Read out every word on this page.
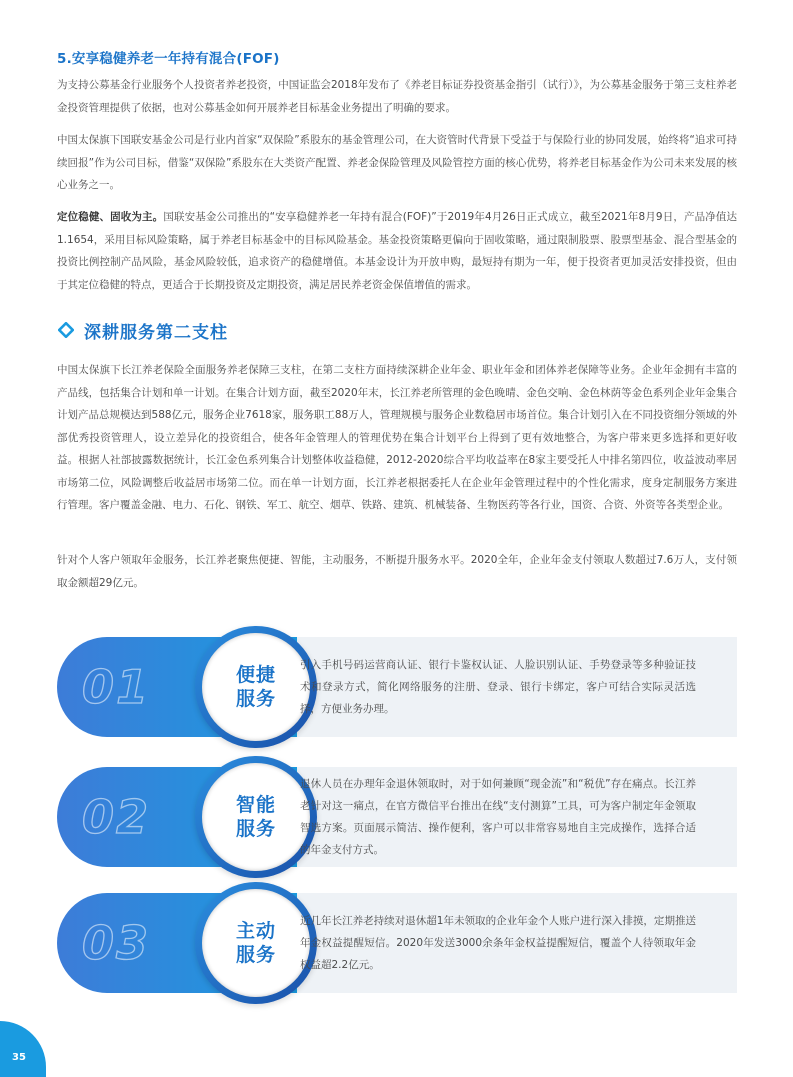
5.安享稳健养老一年持有混合(FOF)

为支持公募基金行业服务个人投资者养老投资，中国证监会2018年发布了《养老目标证券投资基金指引（试行）》，为公募基金服务于第三支柱养老金投资管理提供了依据，也对公募基金如何开展养老目标基金业务提出了明确的要求。

中国太保旗下国联安基金公司是行业内首家“双保险”系股东的基金管理公司，在大资管时代背景下受益于与保险行业的协同发展，始终将“追求可持续回报”作为公司目标，借鉴“双保险”系股东在大类资产配置、养老金保险管理及风险管控方面的核心优势，将养老目标基金作为公司未来发展的核心业务之一。

定位稳健、固收为主。国联安基金公司推出的“安享稳健养老一年持有混合(FOF)”于2019年4月26日正式成立，截至2021年8月9日，产品净值达1.1654，采用目标风险策略，属于养老目标基金中的目标风险基金。基金投资策略更偏向于固收策略，通过限制股票、股票型基金、混合型基金的投资比例控制产品风险，基金风险较低，追求资产的稳健增值。本基金设计为开放申购，最短持有期为一年，便于投资者更加灵活安排投资，但由于其定位稳健的特点，更适合于长期投资及定期投资，满足居民养老资金保值增值的需求。

深耕服务第二支柱

中国太保旗下长江养老保险全面服务养老保障三支柱，在第二支柱方面持续深耕企业年金、职业年金和团体养老保障等业务。企业年金拥有丰富的产品线，包括集合计划和单一计划。在集合计划方面，截至2020年末，长江养老所管理的金色晚晴、金色交响、金色林荫等金色系列企业年金集合计划产品总规模达到588亿元，服务企业7618家，服务职工88万人，管理规模与服务企业数稳居市场首位。集合计划引入在不同投资细分领域的外部优秀投资管理人，设立差异化的投资组合，使各年金管理人的管理优势在集合计划平台上得到了更有效地整合，为客户带来更多选择和更好收益。根据人社部披露数据统计，长江金色系列集合计划整体收益稳健，2012-2020综合平均收益率在8家主要受托人中排名第四位，收益波动率居市场第二位，风险调整后收益居市场第二位。而在单一计划方面，长江养老根据委托人在企业年金管理过程中的个性化需求，度身定制服务方案进行管理。客户覆盖金融、电力、石化、钢铁、军工、航空、烟草、铁路、建筑、机械装备、生物医药等各行业，国资、合资、外资等各类型企业。

针对个人客户领取年金服务，长江养老聚焦便捷、智能，主动服务，不断提升服务水平。2020全年，企业年金支付领取人数超过7.6万人，支付领取金额超29亿元。

01	便捷
服务
引入手机号码运营商认证、银行卡鉴权认证、人脸识别认证、手势登录等多种验证技术和登录方式，简化网络服务的注册、登录、银行卡绑定，客户可结合实际灵活选择，方便业务办理。
02	智能
服务
退休人员在办理年金退休领取时，对于如何兼顾“现金流”和“税优”存在痛点。长江养老针对这一痛点，在官方微信平台推出在线“支付测算”工具，可为客户制定年金领取智选方案。页面展示简洁、操作便利，客户可以非常容易地自主完成操作，选择合适的年金支付方式。
03	主动
服务
近几年长江养老持续对退休超1年未领取的企业年金个人账户进行深入排摸，定期推送年金权益提醒短信。2020年发送3000余条年金权益提醒短信，覆盖个人待领取年金权益超2.2亿元。
35
